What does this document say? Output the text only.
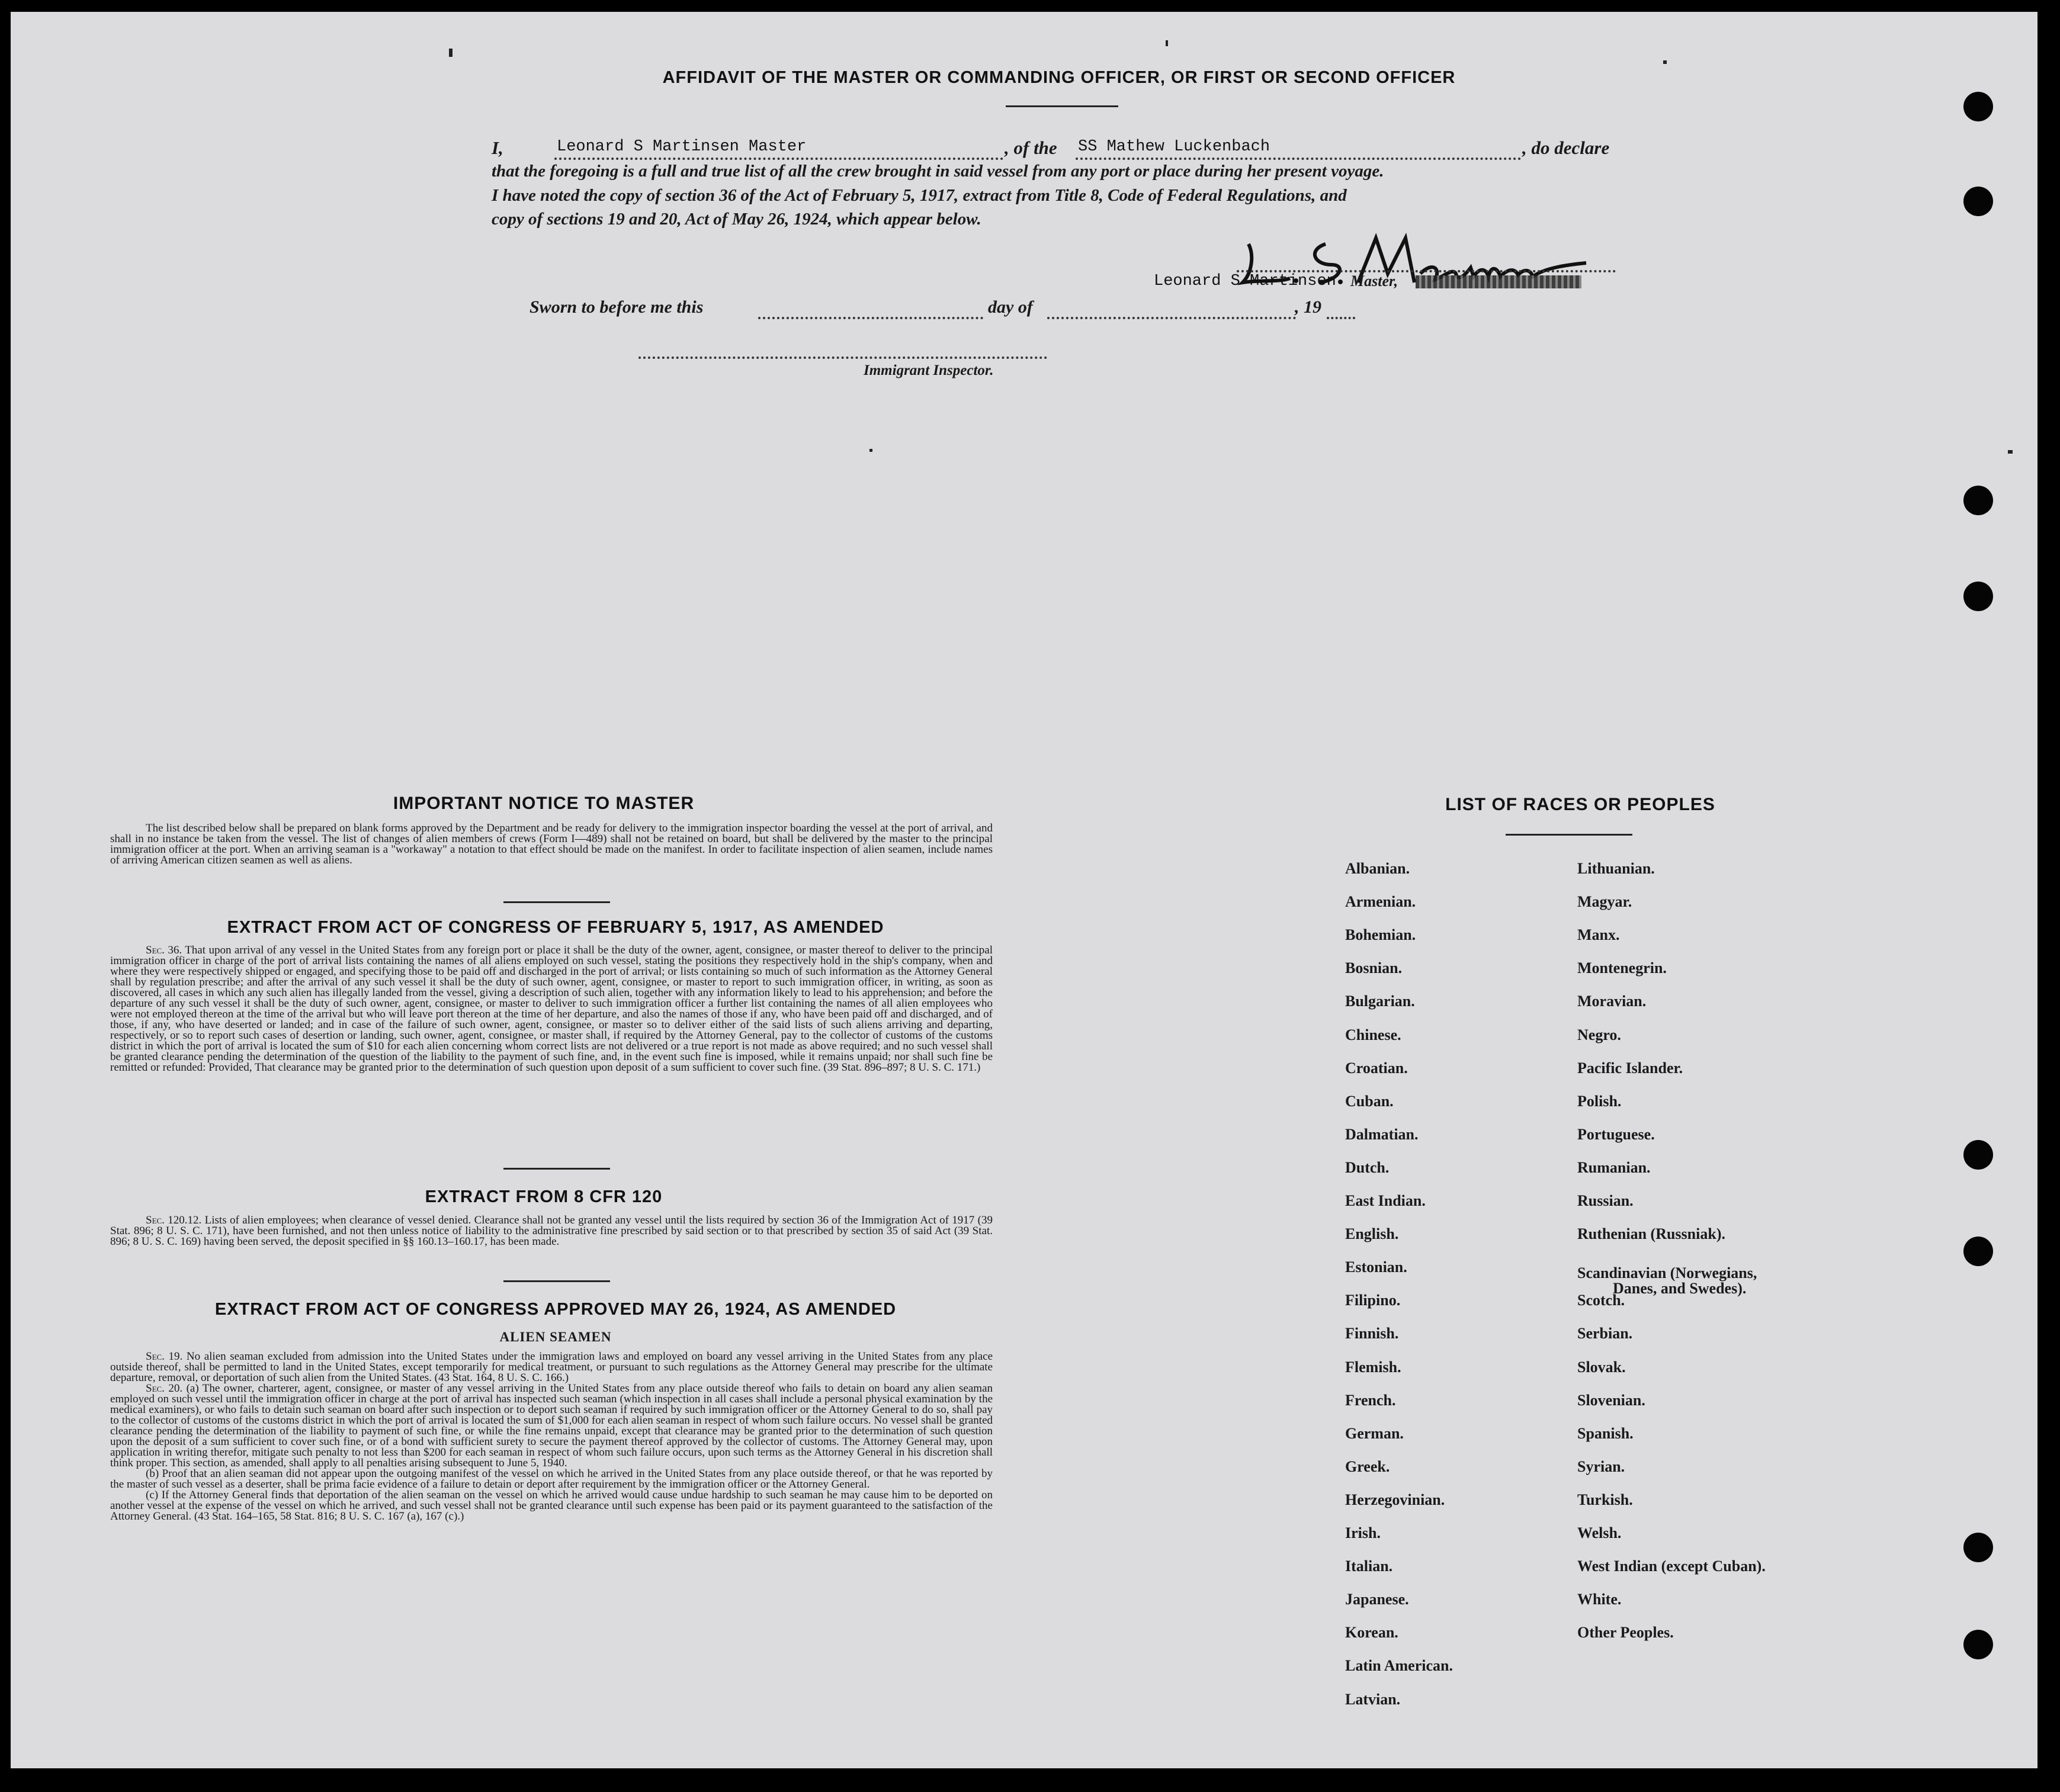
AFFIDAVIT OF THE MASTER OR COMMANDING OFFICER, OR FIRST OR SECOND OFFICER
I,	Leonard S Martinsen Master	, of the SS Mathew Luckenbach	, do declare
that the foregoing is a full and true list of all the crew brought in said vessel from any port or place during her present voyage.
I have noted the copy of section 36 of the Act of February 5, 1917, extract from Title 8, Code of Federal Regulations, and
copy of sections 19 and 20, Act of May 26, 1924, which appear below.
Leonard S Martinsen Master,
Sworn to before me this	day of	, 19
Immigrant Inspector.
IMPORTANT NOTICE TO MASTER

The list described below shall be prepared on blank forms approved by the Department and be ready for delivery to the immigration inspector boarding the vessel at the port of arrival, and shall in no instance be taken from the vessel. The list of changes of alien members of crews (Form I—489) shall not be retained on board, but shall be delivered by the master to the principal immigration officer at the port. When an arriving seaman is a "workaway" a notation to that effect should be made on the manifest. In order to facilitate inspection of alien seamen, include names of arriving American citizen seamen as well as aliens.

EXTRACT FROM ACT OF CONGRESS OF FEBRUARY 5, 1917, AS AMENDED

Sec. 36. That upon arrival of any vessel in the United States from any foreign port or place it shall be the duty of the owner, agent, consignee, or master thereof to deliver to the principal immigration officer in charge of the port of arrival lists containing the names of all aliens employed on such vessel, stating the positions they respectively hold in the ship's company, when and where they were respectively shipped or engaged, and specifying those to be paid off and discharged in the port of arrival; or lists containing so much of such information as the Attorney General shall by regulation prescribe; and after the arrival of any such vessel it shall be the duty of such owner, agent, consignee, or master to report to such immigration officer, in writing, as soon as discovered, all cases in which any such alien has illegally landed from the vessel, giving a description of such alien, together with any information likely to lead to his apprehension; and before the departure of any such vessel it shall be the duty of such owner, agent, consignee, or master to deliver to such immigration officer a further list containing the names of all alien employees who were not employed thereon at the time of the arrival but who will leave port thereon at the time of her departure, and also the names of those if any, who have been paid off and discharged, and of those, if any, who have deserted or landed; and in case of the failure of such owner, agent, consignee, or master so to deliver either of the said lists of such aliens arriving and departing, respectively, or so to report such cases of desertion or landing, such owner, agent, consignee, or master shall, if required by the Attorney General, pay to the collector of customs of the customs district in which the port of arrival is located the sum of $10 for each alien concerning whom correct lists are not delivered or a true report is not made as above required; and no such vessel shall be granted clearance pending the determination of the question of the liability to the payment of such fine, and, in the event such fine is imposed, while it remains unpaid; nor shall such fine be remitted or refunded: Provided, That clearance may be granted prior to the determination of such question upon deposit of a sum sufficient to cover such fine. (39 Stat. 896–897; 8 U. S. C. 171.)

EXTRACT FROM 8 CFR 120

Sec. 120.12. Lists of alien employees; when clearance of vessel denied. Clearance shall not be granted any vessel until the lists required by section 36 of the Immigration Act of 1917 (39 Stat. 896; 8 U. S. C. 171), have been furnished, and not then unless notice of liability to the administrative fine prescribed by said section or to that prescribed by section 35 of said Act (39 Stat. 896; 8 U. S. C. 169) having been served, the deposit specified in §§ 160.13–160.17, has been made.

EXTRACT FROM ACT OF CONGRESS APPROVED MAY 26, 1924, AS AMENDED
ALIEN SEAMEN

Sec. 19. No alien seaman excluded from admission into the United States under the immigration laws and employed on board any vessel arriving in the United States from any place outside thereof, shall be permitted to land in the United States, except temporarily for medical treatment, or pursuant to such regulations as the Attorney General may prescribe for the ultimate departure, removal, or deportation of such alien from the United States. (43 Stat. 164, 8 U. S. C. 166.)

Sec. 20. (a) The owner, charterer, agent, consignee, or master of any vessel arriving in the United States from any place outside thereof who fails to detain on board any alien seaman employed on such vessel until the immigration officer in charge at the port of arrival has inspected such seaman (which inspection in all cases shall include a personal physical examination by the medical examiners), or who fails to detain such seaman on board after such inspection or to deport such seaman if required by such immigration officer or the Attorney General to do so, shall pay to the collector of customs of the customs district in which the port of arrival is located the sum of $1,000 for each alien seaman in respect of whom such failure occurs. No vessel shall be granted clearance pending the determination of the liability to payment of such fine, or while the fine remains unpaid, except that clearance may be granted prior to the determination of such question upon the deposit of a sum sufficient to cover such fine, or of a bond with sufficient surety to secure the payment thereof approved by the collector of customs. The Attorney General may, upon application in writing therefor, mitigate such penalty to not less than $200 for each seaman in respect of whom such failure occurs, upon such terms as the Attorney General in his discretion shall think proper. This section, as amended, shall apply to all penalties arising subsequent to June 5, 1940.

(b) Proof that an alien seaman did not appear upon the outgoing manifest of the vessel on which he arrived in the United States from any place outside thereof, or that he was reported by the master of such vessel as a deserter, shall be prima facie evidence of a failure to detain or deport after requirement by the immigration officer or the Attorney General.

(c) If the Attorney General finds that deportation of the alien seaman on the vessel on which he arrived would cause undue hardship to such seaman he may cause him to be deported on another vessel at the expense of the vessel on which he arrived, and such vessel shall not be granted clearance until such expense has been paid or its payment guaranteed to the satisfaction of the Attorney General. (43 Stat. 164–165, 58 Stat. 816; 8 U. S. C. 167 (a), 167 (c).)

LIST OF RACES OR PEOPLES
Albanian.
Armenian.
Bohemian.
Bosnian.
Bulgarian.
Chinese.
Croatian.
Cuban.
Dalmatian.
Dutch.
East Indian.
English.
Estonian.
Filipino.
Finnish.
Flemish.
French.
German.
Greek.
Herzegovinian.
Irish.
Italian.
Japanese.
Korean.
Latin American.
Latvian.
Lithuanian.
Magyar.
Manx.
Montenegrin.
Moravian.
Negro.
Pacific Islander.
Polish.
Portuguese.
Rumanian.
Russian.
Ruthenian (Russniak).
Scandinavian (Norwegians,
Danes, and Swedes).
Scotch.
Serbian.
Slovak.
Slovenian.
Spanish.
Syrian.
Turkish.
Welsh.
West Indian (except Cuban).
White.
Other Peoples.
